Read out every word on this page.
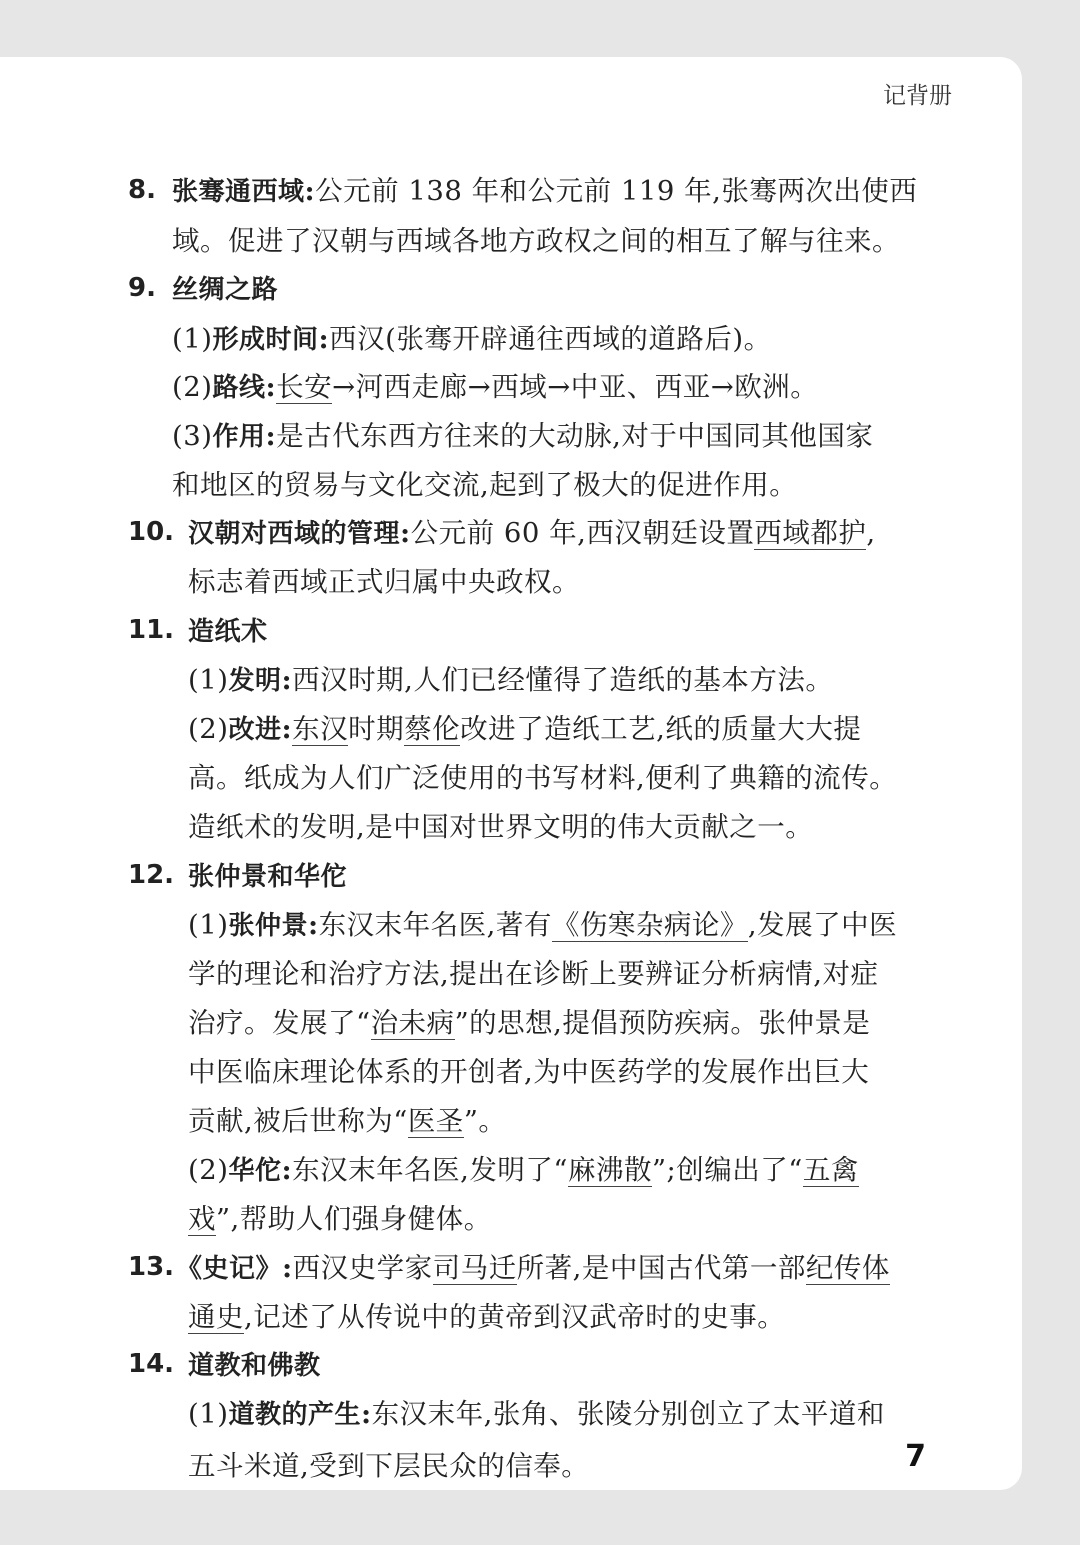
记背册
8. 张骞通西域:公元前 138 年和公元前 119 年,张骞两次出使西
域。促进了汉朝与西域各地方政权之间的相互了解与往来。
9. 丝绸之路
(1)形成时间:西汉(张骞开辟通往西域的道路后)。
(2)路线:长安→河西走廊→西域→中亚、西亚→欧洲。
(3)作用:是古代东西方往来的大动脉,对于中国同其他国家
和地区的贸易与文化交流,起到了极大的促进作用。
10. 汉朝对西域的管理:公元前 60 年,西汉朝廷设置西域都护,
标志着西域正式归属中央政权。
11. 造纸术
(1)发明:西汉时期,人们已经懂得了造纸的基本方法。
(2)改进:东汉时期蔡伦改进了造纸工艺,纸的质量大大提
高。纸成为人们广泛使用的书写材料,便利了典籍的流传。
造纸术的发明,是中国对世界文明的伟大贡献之一。
12. 张仲景和华佗
(1)张仲景:东汉末年名医,著有《伤寒杂病论》,发展了中医
学的理论和治疗方法,提出在诊断上要辨证分析病情,对症
治疗。发展了“治未病”的思想,提倡预防疾病。张仲景是
中医临床理论体系的开创者,为中医药学的发展作出巨大
贡献,被后世称为“医圣”。
(2)华佗:东汉末年名医,发明了“麻沸散”;创编出了“五禽
戏”,帮助人们强身健体。
13. 《史记》:西汉史学家司马迁所著,是中国古代第一部纪传体
通史,记述了从传说中的黄帝到汉武帝时的史事。
14. 道教和佛教
(1)道教的产生:东汉末年,张角、张陵分别创立了太平道和
五斗米道,受到下层民众的信奉。	7
